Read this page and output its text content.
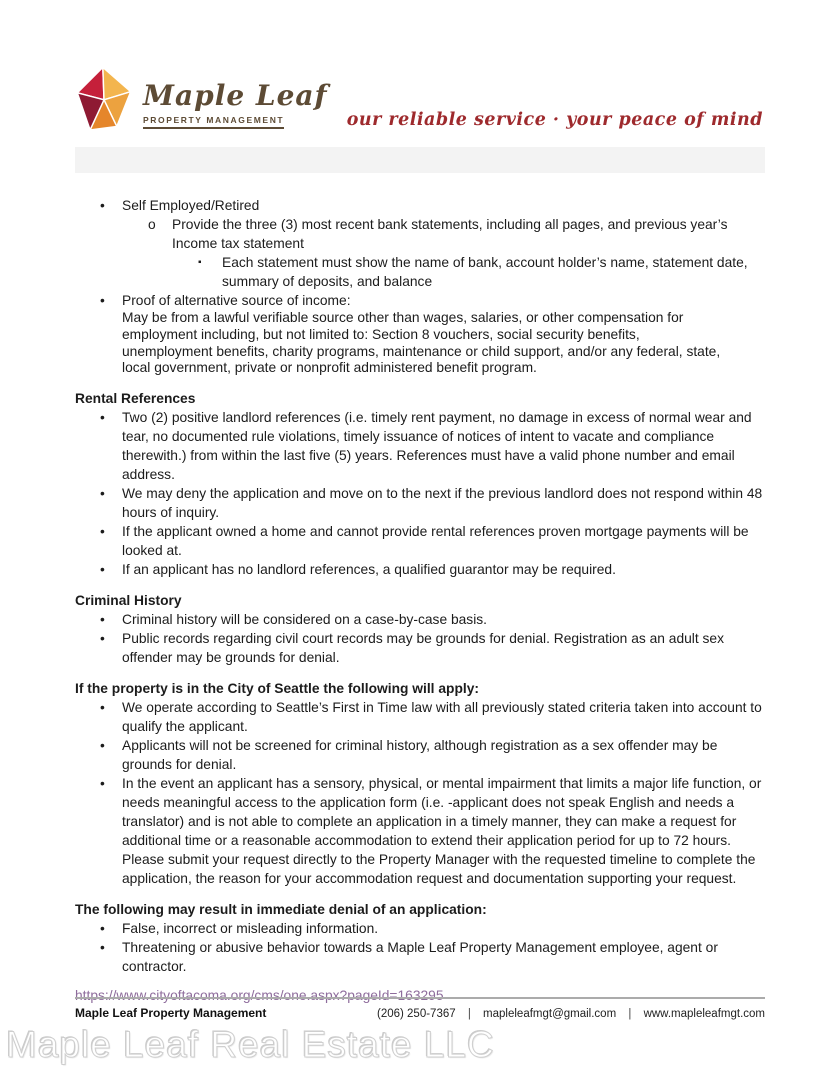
Maple Leaf
PROPERTY MANAGEMENT	our reliable service · your peace of mind
•	Self Employed/Retired
o	Provide the three (3) most recent bank statements, including all pages, and previous year’s Income tax statement
▪	Each statement must show the name of bank, account holder’s name, statement date, summary of deposits, and balance
•	Proof of alternative source of income:
May be from a lawful verifiable source other than wages, salaries, or other compensation for employment including, but not limited to: Section 8 vouchers, social security benefits, unemployment benefits, charity programs, maintenance or child support, and/or any federal, state, local government, private or nonprofit administered benefit program.
Rental References
•	Two (2) positive landlord references (i.e. timely rent payment, no damage in excess of normal wear and tear, no documented rule violations, timely issuance of notices of intent to vacate and compliance therewith.) from within the last five (5) years. References must have a valid phone number and email address.
•	We may deny the application and move on to the next if the previous landlord does not respond within 48 hours of inquiry.
•	If the applicant owned a home and cannot provide rental references proven mortgage payments will be looked at.
•	If an applicant has no landlord references, a qualified guarantor may be required.
Criminal History
•	Criminal history will be considered on a case-by-case basis.
•	Public records regarding civil court records may be grounds for denial. Registration as an adult sex offender may be grounds for denial.
If the property is in the City of Seattle the following will apply:
•	We operate according to Seattle’s First in Time law with all previously stated criteria taken into account to qualify the applicant.
•	Applicants will not be screened for criminal history, although registration as a sex offender may be grounds for denial.
•	In the event an applicant has a sensory, physical, or mental impairment that limits a major life function, or needs meaningful access to the application form (i.e. -applicant does not speak English and needs a translator) and is not able to complete an application in a timely manner, they can make a request for additional time or a reasonable accommodation to extend their application period for up to 72 hours. Please submit your request directly to the Property Manager with the requested timeline to complete the application, the reason for your accommodation request and documentation supporting your request.
The following may result in immediate denial of an application:
•	False, incorrect or misleading information.
•	Threatening or abusive behavior towards a Maple Leaf Property Management employee, agent or contractor.
https://www.cityoftacoma.org/cms/one.aspx?pageId=163295
Maple Leaf Property Management	(206) 250-7367 | mapleleafmgt@gmail.com | www.mapleleafmgt.com
Maple Leaf Real Estate LLC
